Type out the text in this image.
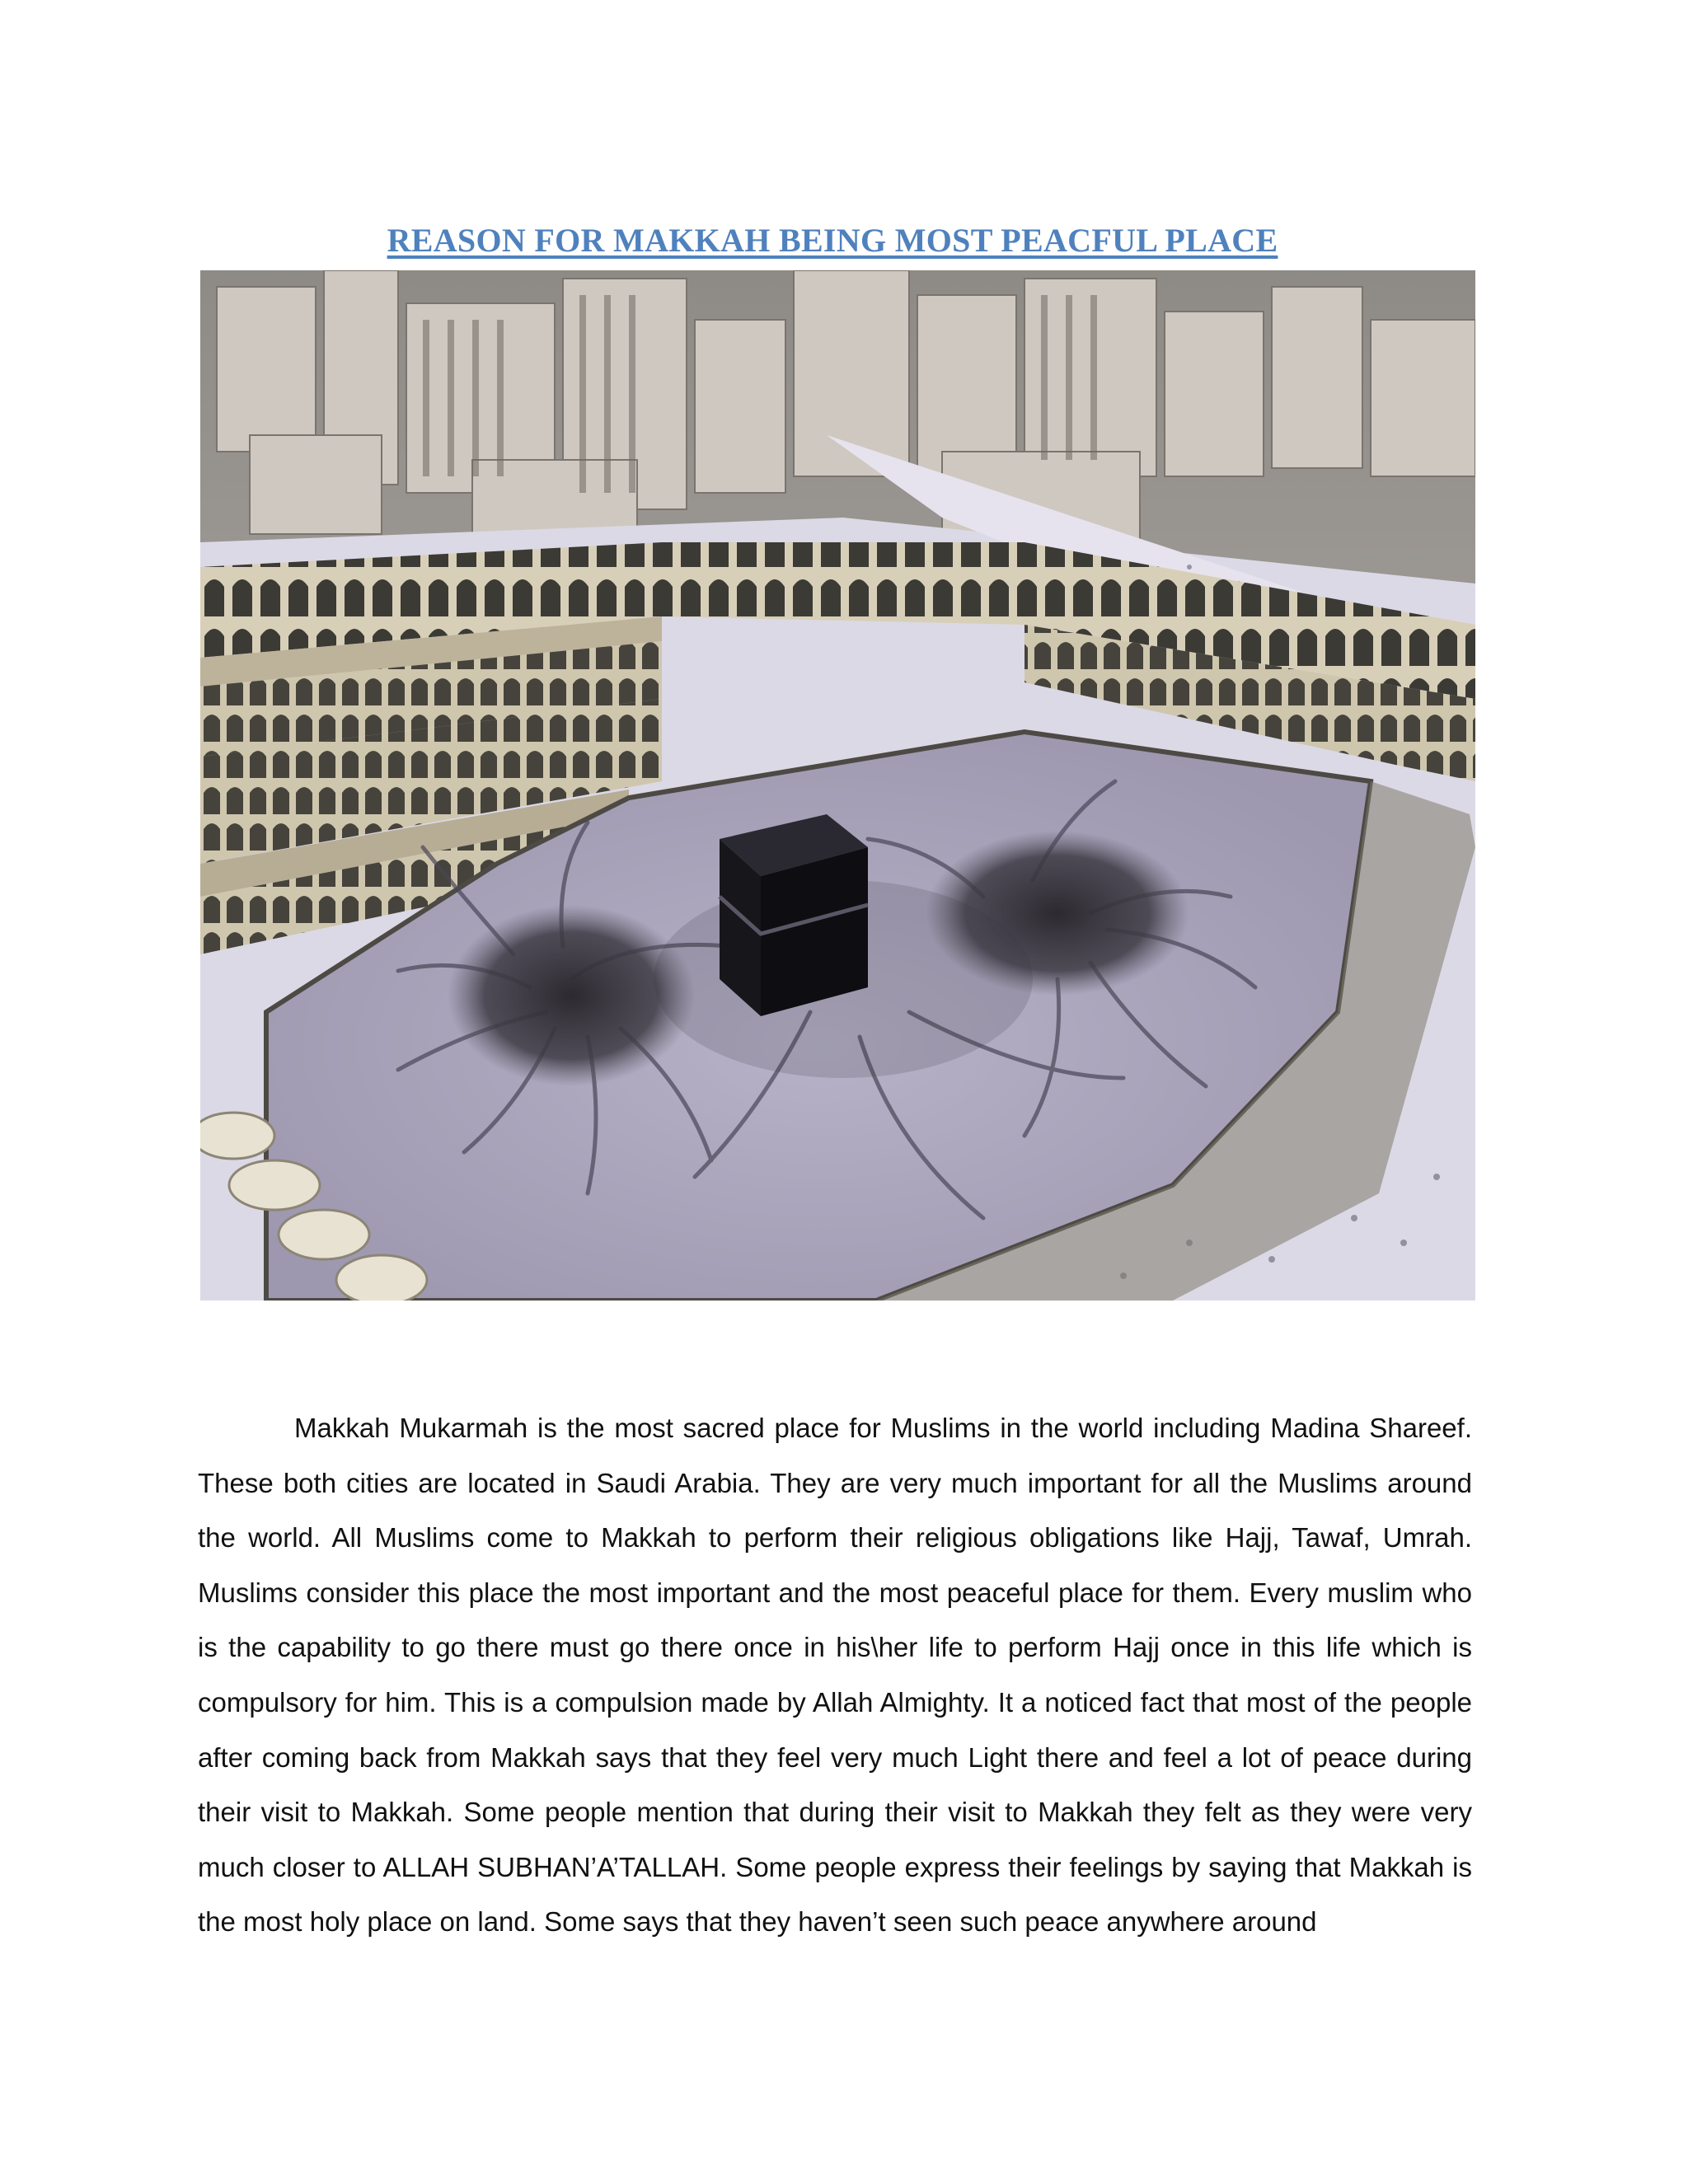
REASON FOR MAKKAH BEING MOST PEACFUL PLACE

Makkah Mukarmah is the most sacred place for Muslims in the world including Madina Shareef. These both cities are located in Saudi Arabia. They are very much important for all the Muslims around the world. All Muslims come to Makkah to perform their religious obligations like Hajj, Tawaf, Umrah. Muslims consider this place the most important and the most peaceful place for them. Every muslim who is the capability to go there must go there once in his\her life to perform Hajj once in this life which is compulsory for him. This is a compulsion made by Allah Almighty. It a noticed fact that most of the people after coming back from Makkah says that they feel very much Light there and feel a lot of peace during their visit to Makkah. Some people mention that during their visit to Makkah they felt as they were very much closer to ALLAH SUBHAN’A’TALLAH. Some people express their feelings by saying that Makkah is the most holy place on land. Some says that they haven’t seen such peace anywhere around
